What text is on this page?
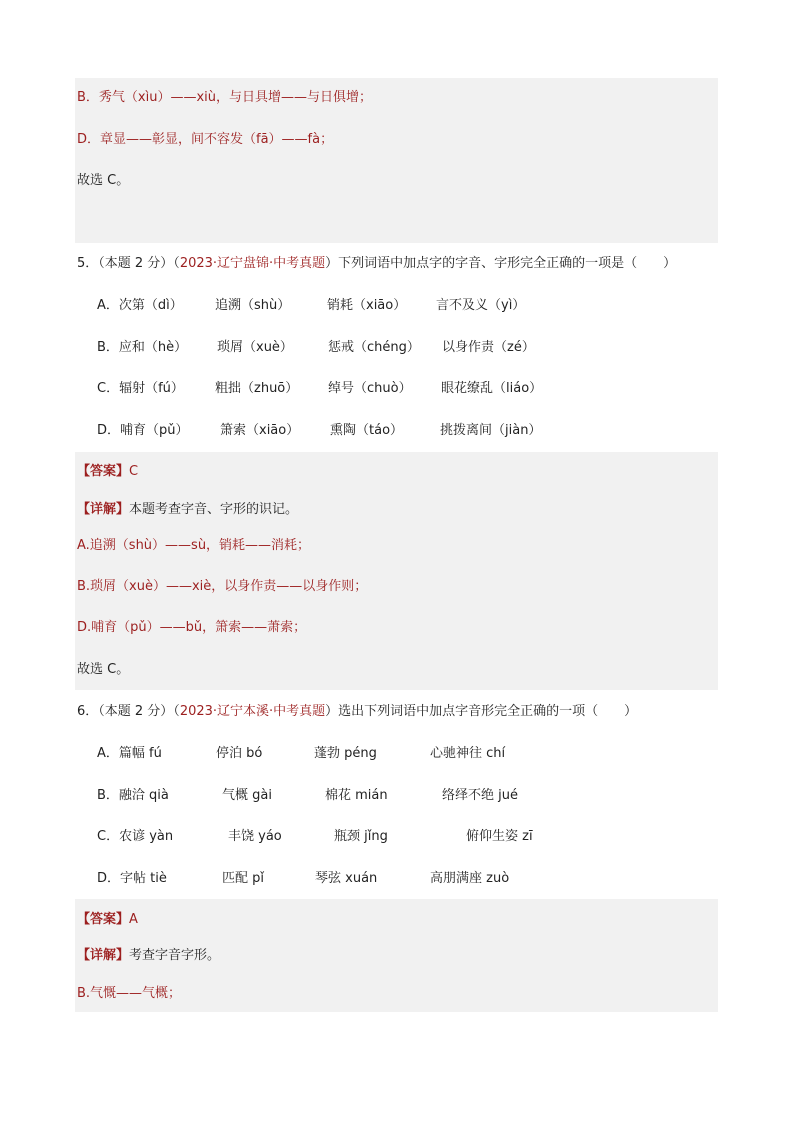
B．秀气（xìu）——xiù，与日具增——与日俱增；
D．章显——彰显，间不容发（fā）——fà；
故选 C。
5．（本题 2 分）（2023·辽宁盘锦·中考真题）下列词语中加点字的字音、字形完全正确的一项是（　　）
A．次第（dì） 追溯（shù）	销耗（xiāo） 言不及义（yì）
B．应和（hè） 琐屑（xuè）	惩戒（chéng） 以身作责（zé）
C．辐射（fú） 粗拙（zhuō） 绰号（chuò） 眼花缭乱（liáo）
D．哺育（pǔ） 箫索（xiāo） 熏陶（táo）	挑拨离间（jiàn）
【答案】C
【详解】本题考查字音、字形的识记。
A.追溯（shù）——sù，销耗——消耗；
B.琐屑（xuè）——xiè，以身作责——以身作则；
D.哺育（pǔ）——bǔ，箫索——萧索；
故选 C。
6．（本题 2 分）（2023·辽宁本溪·中考真题）选出下列词语中加点字音形完全正确的一项（　　）
A．篇幅 fú	停泊 bó	蓬勃 péng	心驰神往 chí
B．融洽 qià	气概 gài	棉花 mián	络绎不绝 jué
C．农谚 yàn	丰饶 yáo	瓶颈 jǐng	俯仰生姿 zī
D．字帖 tiè	匹配 pǐ	琴弦 xuán	高朋满座 zuò
【答案】A
【详解】考查字音字形。
B.气慨——气概；
